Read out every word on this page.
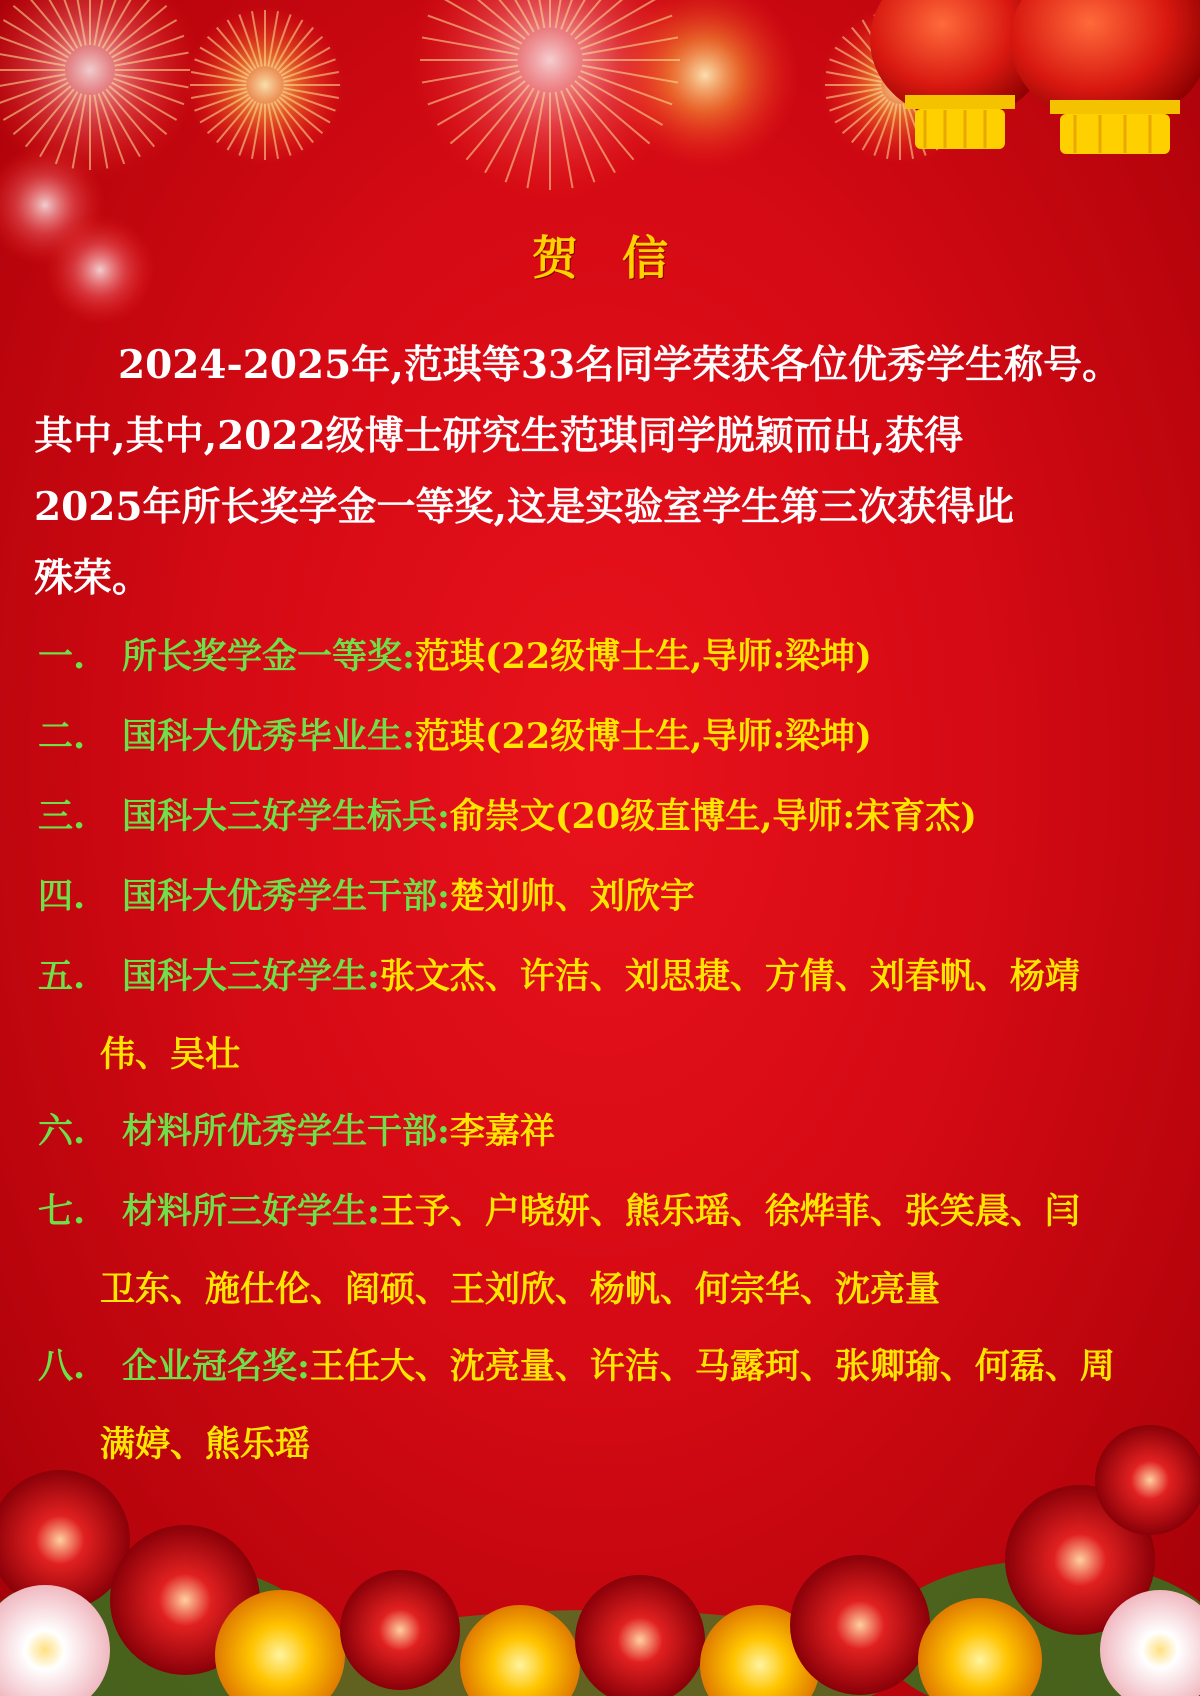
贺信
2024-2025年,范琪等33名同学荣获各位优秀学生称号。
其中,其中,2022级博士研究生范琪同学脱颖而出,获得
2025年所长奖学金一等奖,这是实验室学生第三次获得此
殊荣。
一. 所长奖学金一等奖:范琪(22级博士生,导师:梁坤)
二. 国科大优秀毕业生:范琪(22级博士生,导师:梁坤)
三. 国科大三好学生标兵:俞崇文(20级直博生,导师:宋育杰)
四. 国科大优秀学生干部:楚刘帅、刘欣宇
五. 国科大三好学生:张文杰、许洁、刘思捷、方倩、刘春帆、杨靖
伟、吴壮
六. 材料所优秀学生干部:李嘉祥
七. 材料所三好学生:王予、户晓妍、熊乐瑶、徐烨菲、张笑晨、闫
卫东、施仕伦、阎硕、王刘欣、杨帆、何宗华、沈亮量
八. 企业冠名奖:王任大、沈亮量、许洁、马露珂、张卿瑜、何磊、周
满婷、熊乐瑶
